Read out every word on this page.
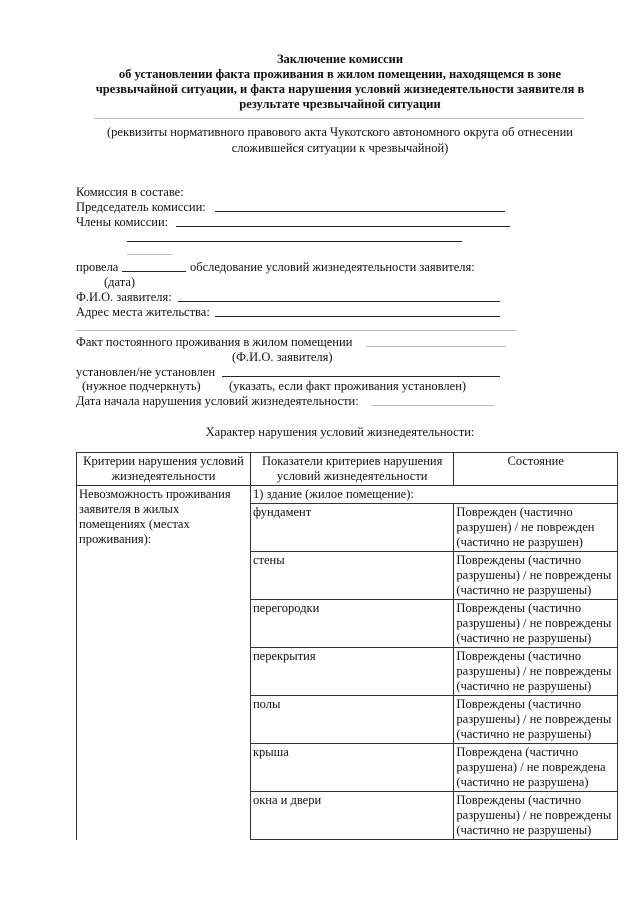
Заключение комиссии
об установлении факта проживания в жилом помещении, находящемся в зоне
чрезвычайной ситуации, и факта нарушения условий жизнедеятельности заявителя в
результате чрезвычайной ситуации
(реквизиты нормативного правового акта Чукотского автономного округа об отнесении
сложившейся ситуации к чрезвычайной)
Комиссия в составе:
Председатель комиссии:
Члены комиссии:
провела	обследование условий жизнедеятельности заявителя:
(дата)
Ф.И.О. заявителя:
Адрес места жительства:
Факт постоянного проживания в жилом помещении
(Ф.И.О. заявителя)
установлен/не установлен
(нужное подчеркнуть) (указать, если факт проживания установлен)
Дата начала нарушения условий жизнедеятельности:
Характер нарушения условий жизнедеятельности:
Критерии нарушения условий жизнедеятельности	Показатели критериев нарушения условий жизнедеятельности	Состояние
Невозможность проживания заявителя в жилых помещениях (местах проживания):	1) здание (жилое помещение):	
	фундамент	Поврежден (частично разрушен) / не поврежден (частично не разрушен)
	стены	Повреждены (частично разрушены) / не повреждены (частично не разрушены)
	перегородки	Повреждены (частично разрушены) / не повреждены (частично не разрушены)
	перекрытия	Повреждены (частично разрушены) / не повреждены (частично не разрушены)
	полы	Повреждены (частично разрушены) / не повреждены (частично не разрушены)
	крыша	Повреждена (частично разрушена) / не повреждена (частично не разрушена)
	окна и двери	Повреждены (частично разрушены) / не повреждены (частично не разрушены)
